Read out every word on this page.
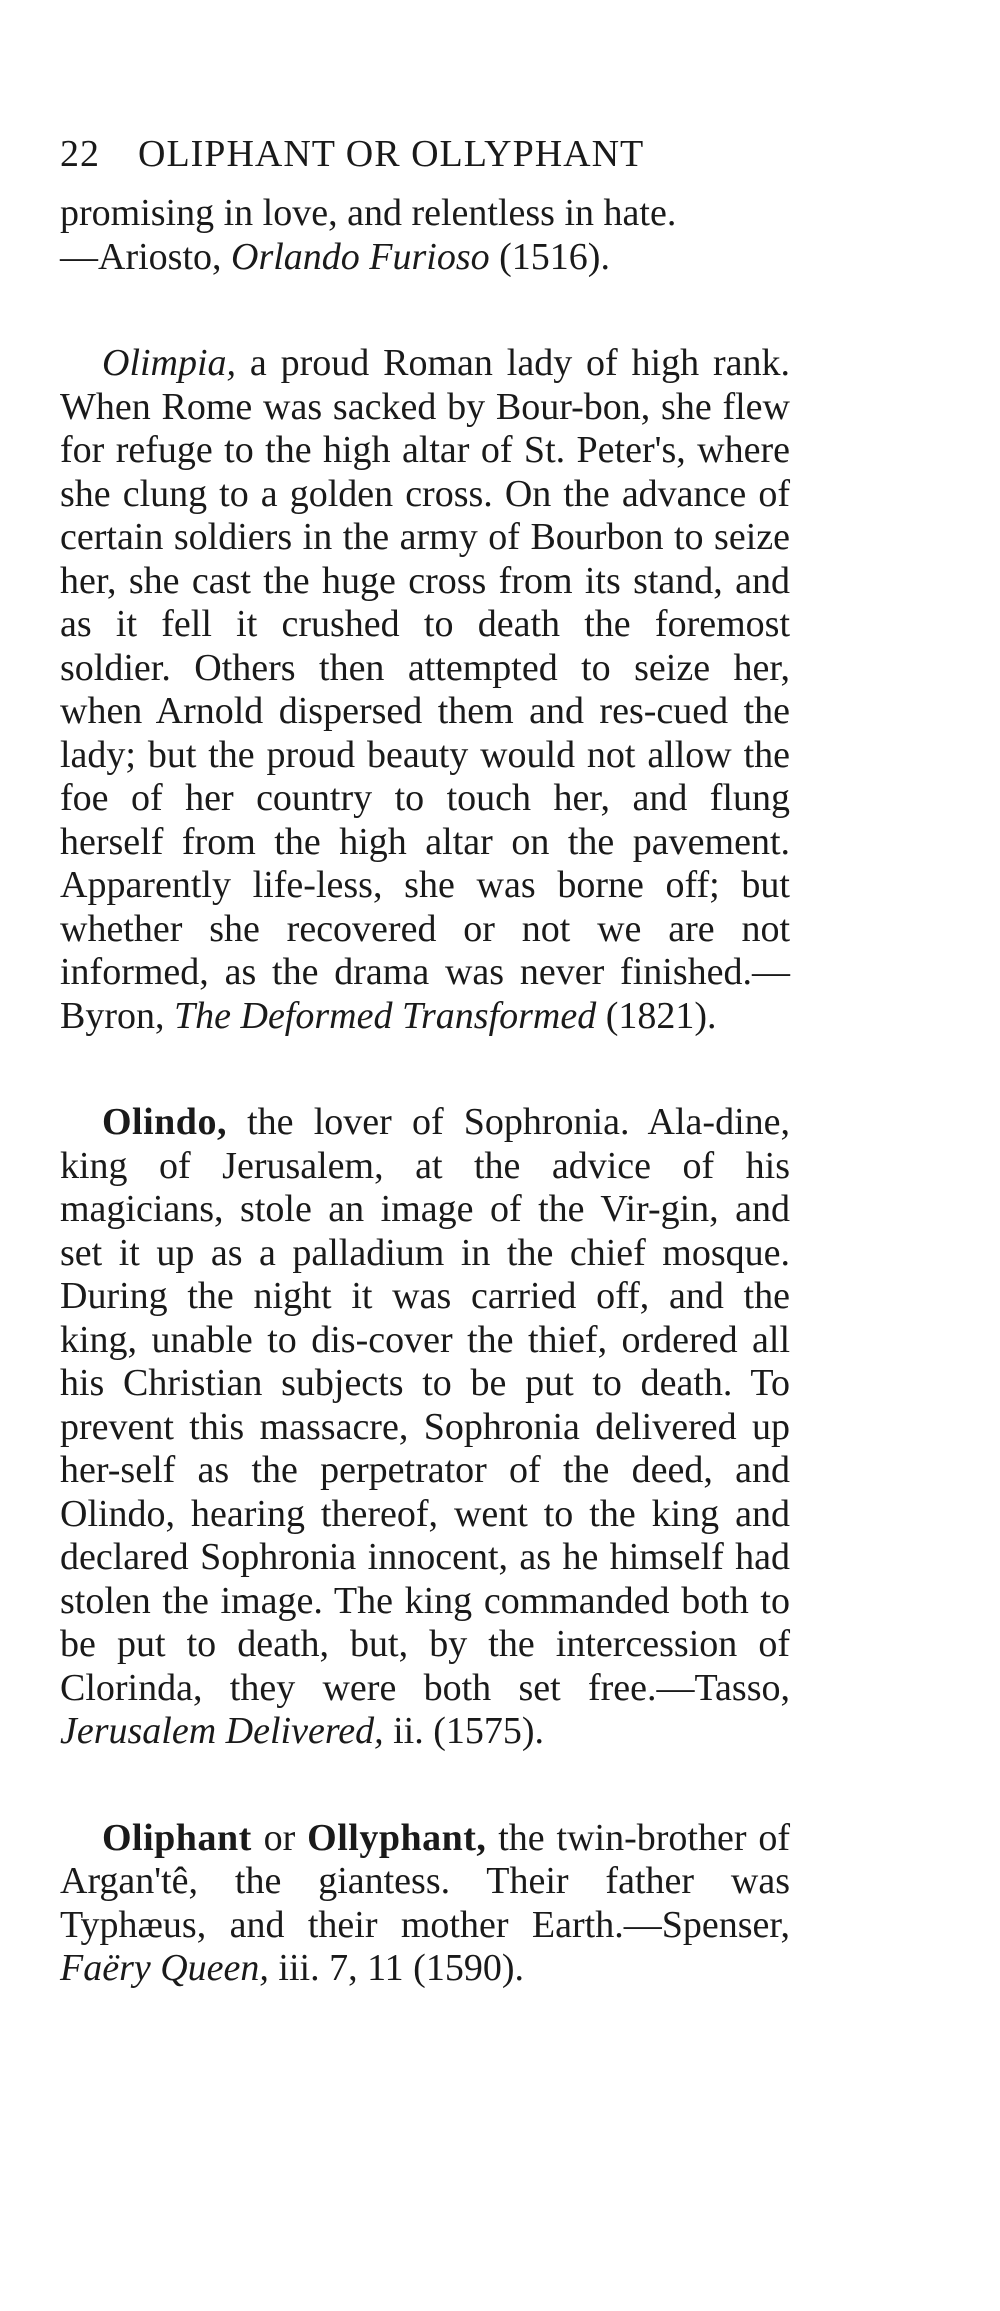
22 OLIPHANT OR OLLYPHANT

promising in love, and relentless in hate.
—Ariosto, Orlando Furioso (1516).

Olimpia, a proud Roman lady of high rank. When Rome was sacked by Bour-bon, she flew for refuge to the high altar of St. Peter's, where she clung to a golden cross. On the advance of certain soldiers in the army of Bourbon to seize her, she cast the huge cross from its stand, and as it fell it crushed to death the foremost soldier. Others then attempted to seize her, when Arnold dispersed them and res-cued the lady; but the proud beauty would not allow the foe of her country to touch her, and flung herself from the high altar on the pavement. Apparently life-less, she was borne off; but whether she recovered or not we are not informed, as the drama was never finished.—Byron, The Deformed Transformed (1821).

Olindo, the lover of Sophronia. Ala-dine, king of Jerusalem, at the advice of his magicians, stole an image of the Vir-gin, and set it up as a palladium in the chief mosque. During the night it was carried off, and the king, unable to dis-cover the thief, ordered all his Christian subjects to be put to death. To prevent this massacre, Sophronia delivered up her-self as the perpetrator of the deed, and Olindo, hearing thereof, went to the king and declared Sophronia innocent, as he himself had stolen the image. The king commanded both to be put to death, but, by the intercession of Clorinda, they were both set free.—Tasso, Jerusalem Delivered, ii. (1575).

Oliphant or Ollyphant, the twin-brother of Argan'tê, the giantess. Their father was Typhæus, and their mother Earth.—Spenser, Faëry Queen, iii. 7, 11 (1590).
